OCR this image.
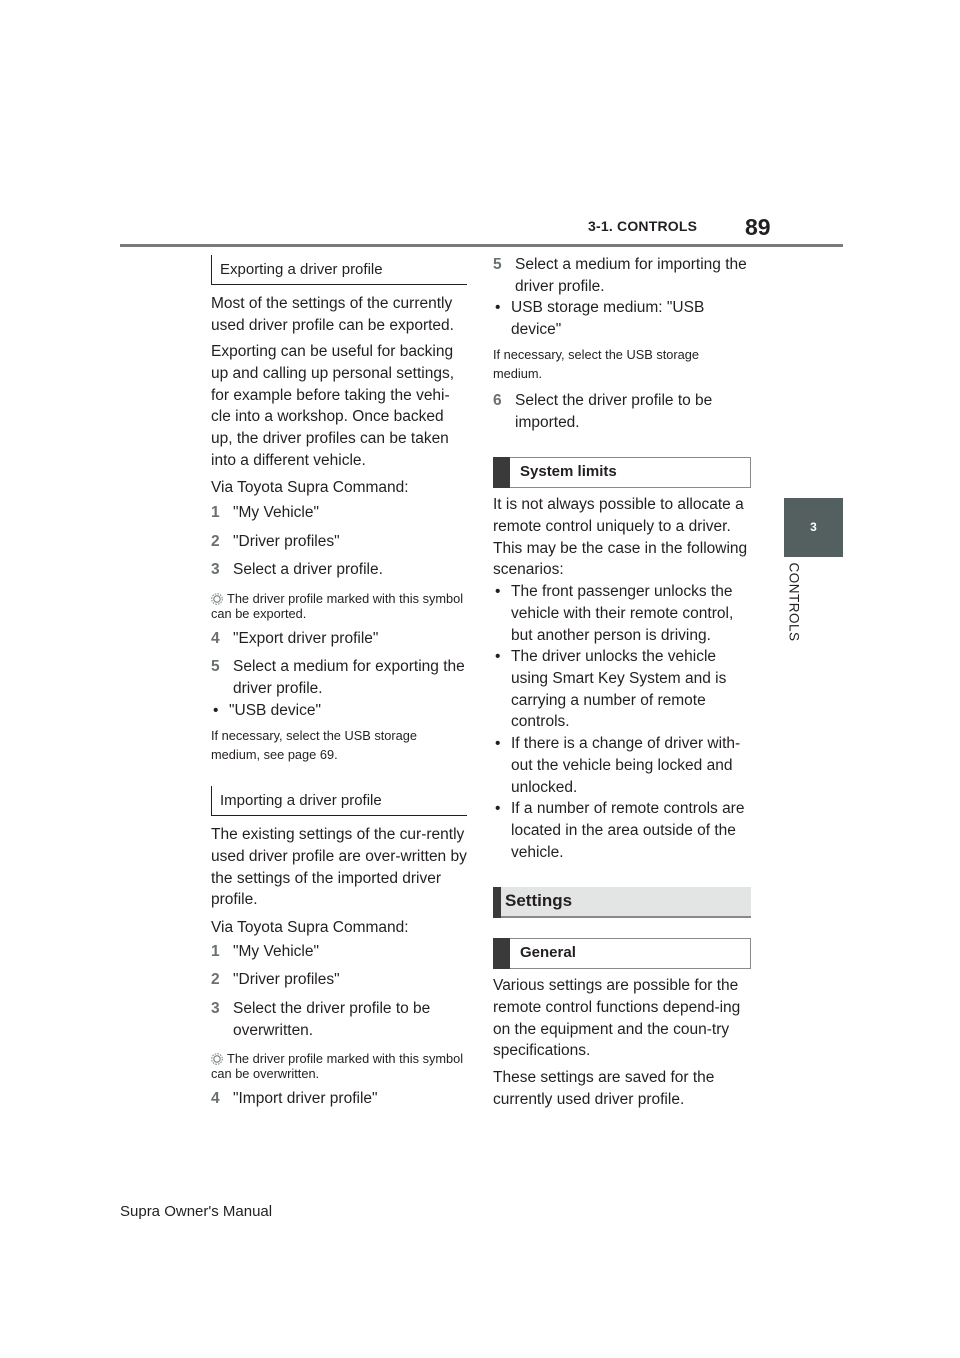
3-1. CONTROLS 89
3
CONTROLS
Exporting a driver profile

Most of the settings of the currently used driver profile can be exported.

Exporting can be useful for backing up and calling up personal settings, for example before taking the vehi-cle into a workshop. Once backed up, the driver profiles can be taken into a different vehicle.

Via Toyota Supra Command:

1 "My Vehicle"
2 "Driver profiles"
3 Select a driver profile.
The driver profile marked with this symbol can be exported.
4 "Export driver profile"
5 Select a medium for exporting the driver profile.
• "USB device"
If necessary, select the USB storage medium, see page 69.
Importing a driver profile

The existing settings of the cur-rently used driver profile are over-written by the settings of the imported driver profile.

Via Toyota Supra Command:

1 "My Vehicle"
2 "Driver profiles"
3 Select the driver profile to be overwritten.
The driver profile marked with this symbol can be overwritten.
4 "Import driver profile"
5 Select a medium for importing the driver profile.
• USB storage medium: "USB device"
If necessary, select the USB storage medium.
6 Select the driver profile to be imported.
System limits

It is not always possible to allocate a remote control uniquely to a driver. This may be the case in the following scenarios:

• The front passenger unlocks the vehicle with their remote control, but another person is driving.
• The driver unlocks the vehicle using Smart Key System and is carrying a number of remote controls.
• If there is a change of driver with-out the vehicle being locked and unlocked.
• If a number of remote controls are located in the area outside of the vehicle.
Settings
General

Various settings are possible for the remote control functions depend-ing on the equipment and the coun-try specifications.

These settings are saved for the currently used driver profile.

Supra Owner's Manual
